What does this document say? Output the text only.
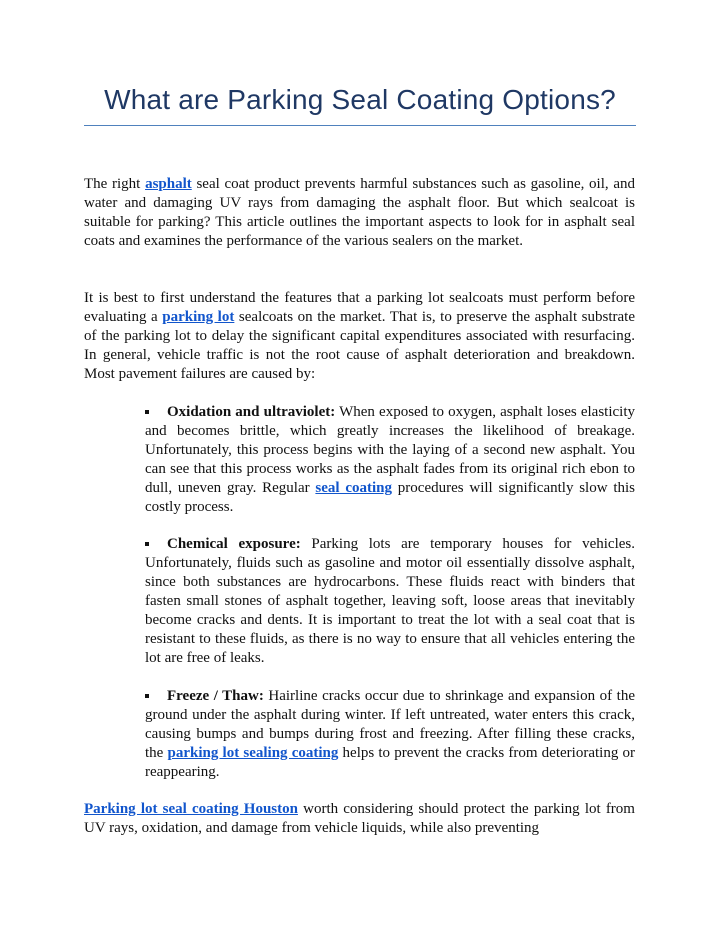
What are Parking Seal Coating Options?

The right asphalt seal coat product prevents harmful substances such as gasoline, oil, and water and damaging UV rays from damaging the asphalt floor. But which sealcoat is suitable for parking? This article outlines the important aspects to look for in asphalt seal coats and examines the performance of the various sealers on the market.

It is best to first understand the features that a parking lot sealcoats must perform before evaluating a parking lot sealcoats on the market. That is, to preserve the asphalt substrate of the parking lot to delay the significant capital expenditures associated with resurfacing. In general, vehicle traffic is not the root cause of asphalt deterioration and breakdown. Most pavement failures are caused by:

Oxidation and ultraviolet: When exposed to oxygen, asphalt loses elasticity and becomes brittle, which greatly increases the likelihood of breakage. Unfortunately, this process begins with the laying of a second new asphalt. You can see that this process works as the asphalt fades from its original rich ebon to dull, uneven gray. Regular seal coating procedures will significantly slow this costly process.

Chemical exposure: Parking lots are temporary houses for vehicles. Unfortunately, fluids such as gasoline and motor oil essentially dissolve asphalt, since both substances are hydrocarbons. These fluids react with binders that fasten small stones of asphalt together, leaving soft, loose areas that inevitably become cracks and dents. It is important to treat the lot with a seal coat that is resistant to these fluids, as there is no way to ensure that all vehicles entering the lot are free of leaks.

Freeze / Thaw: Hairline cracks occur due to shrinkage and expansion of the ground under the asphalt during winter. If left untreated, water enters this crack, causing bumps and bumps during frost and freezing. After filling these cracks, the parking lot sealing coating helps to prevent the cracks from deteriorating or reappearing.

Parking lot seal coating Houston worth considering should protect the parking lot from UV rays, oxidation, and damage from vehicle liquids, while also preventing
